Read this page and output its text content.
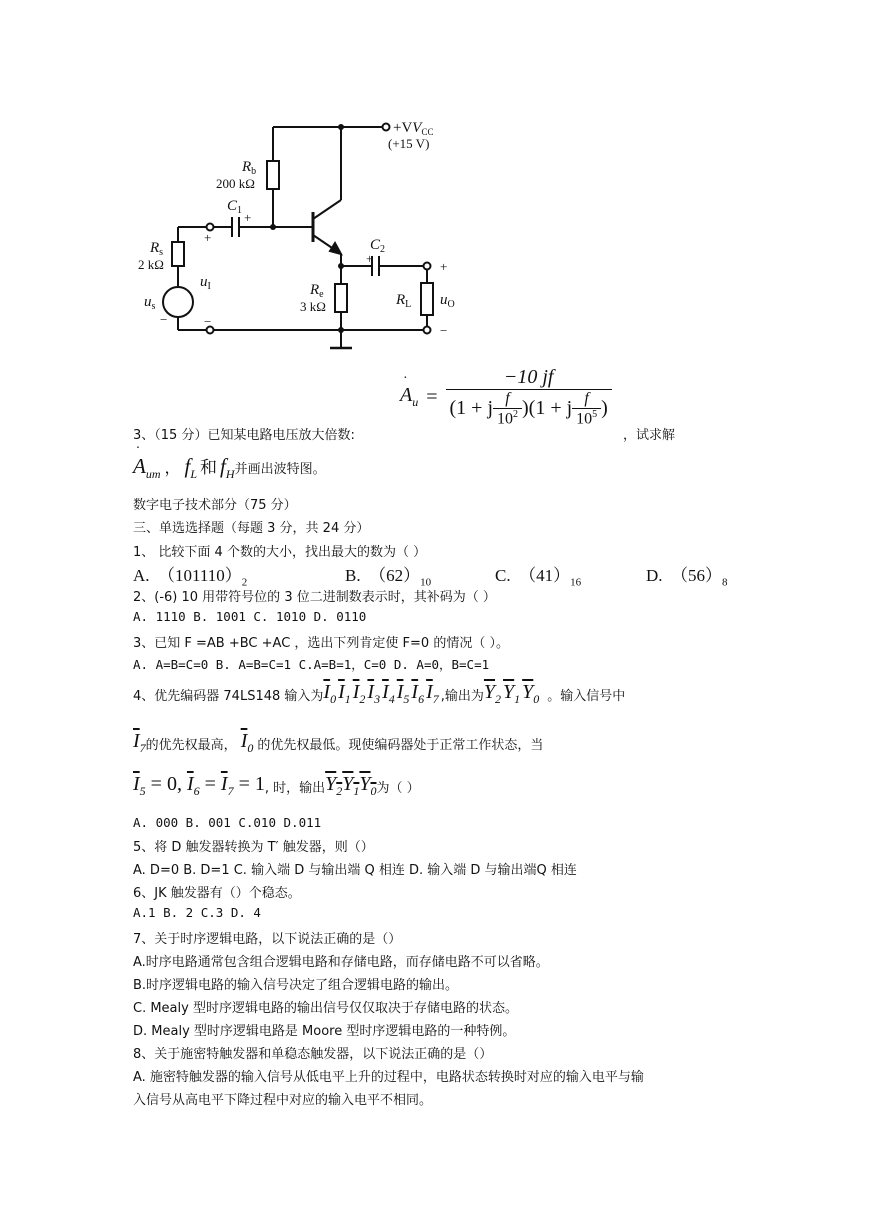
$+VV_{CC}$
(+15 V)
$R_b$
200 kΩ
$C_1$ +
+	$C_2$
+
+
$R_s$
2 kΩ
$u_I$
$u_s$
−	−
$R_e$
3 kΩ	$R_L$ $u_O$
−
A
·
$_u = \frac{-10 jf}{(1 + j \frac{f}{10^2} )(1 + j \frac{f}{10^5} )}$
3、（15 分）已知某电路电压放大倍数:	，试求解
A
·
$_{um}$ ， $f_L$ 和 $f_H$ 并画出波特图。
数字电子技术部分（75 分）
三、单选选择题（每题 3 分，共 24 分）
1、 比较下面 4 个数的大小，找出最大的数为（ ）
A. $(101110)_2$	B. $(62)_{10}$	C. $(41)_{16}$	D. $(56)_8$
2、(-6) 10 用带符号位的 3 位二进制数表示时，其补码为（ ）
A. 1110 B. 1001 C. 1010 D. 0110
3、已知 F =AB +BC +AC ，选出下列肯定使 F=0 的情况（ ）。
A. A=B=C=0 B. A=B=C=1 C.A=B=1，C=0 D. A=0，B=C=1
4、优先编码器 74LS148 输入为 $\overline{I}_0$ $\overline{I}_1$ $\overline{I}_2$ $\overline{I}_3$ $\overline{I}_4$ $\overline{I}_5$ $\overline{I}_6$ $\overline{I}_7$ ,输出为 $\overline{Y}_2$ $\overline{Y}_1$ $\overline{Y}_0$ 。输入信号中
$\overline{I}_7$ 的优先权最高， $\overline{I}_0$ 的优先权最低。现使编码器处于正常工作状态，当
$\overline{I}_5 = 0$, $\overline{I}_6 = \overline{I}_7 = 1$ , 时，输出 $Y_2Y_1Y_0$ 为（ ）
A. 000 B. 001 C.010 D.011
5、将 D 触发器转换为 T′ 触发器，则（）
A. D=0 B. D=1 C. 输入端 D 与输出端 Q 相连 D. 输入端 D 与输出端Q 相连
6、JK 触发器有（）个稳态。
A.1 B. 2 C.3 D. 4
7、关于时序逻辑电路，以下说法正确的是（）
A.时序电路通常包含组合逻辑电路和存储电路，而存储电路不可以省略。
B.时序逻辑电路的输入信号决定了组合逻辑电路的输出。
C. Mealy 型时序逻辑电路的输出信号仅仅取决于存储电路的状态。
D. Mealy 型时序逻辑电路是 Moore 型时序逻辑电路的一种特例。
8、关于施密特触发器和单稳态触发器，以下说法正确的是（）
A. 施密特触发器的输入信号从低电平上升的过程中，电路状态转换时对应的输入电平与输
入信号从高电平下降过程中对应的输入电平不相同。
